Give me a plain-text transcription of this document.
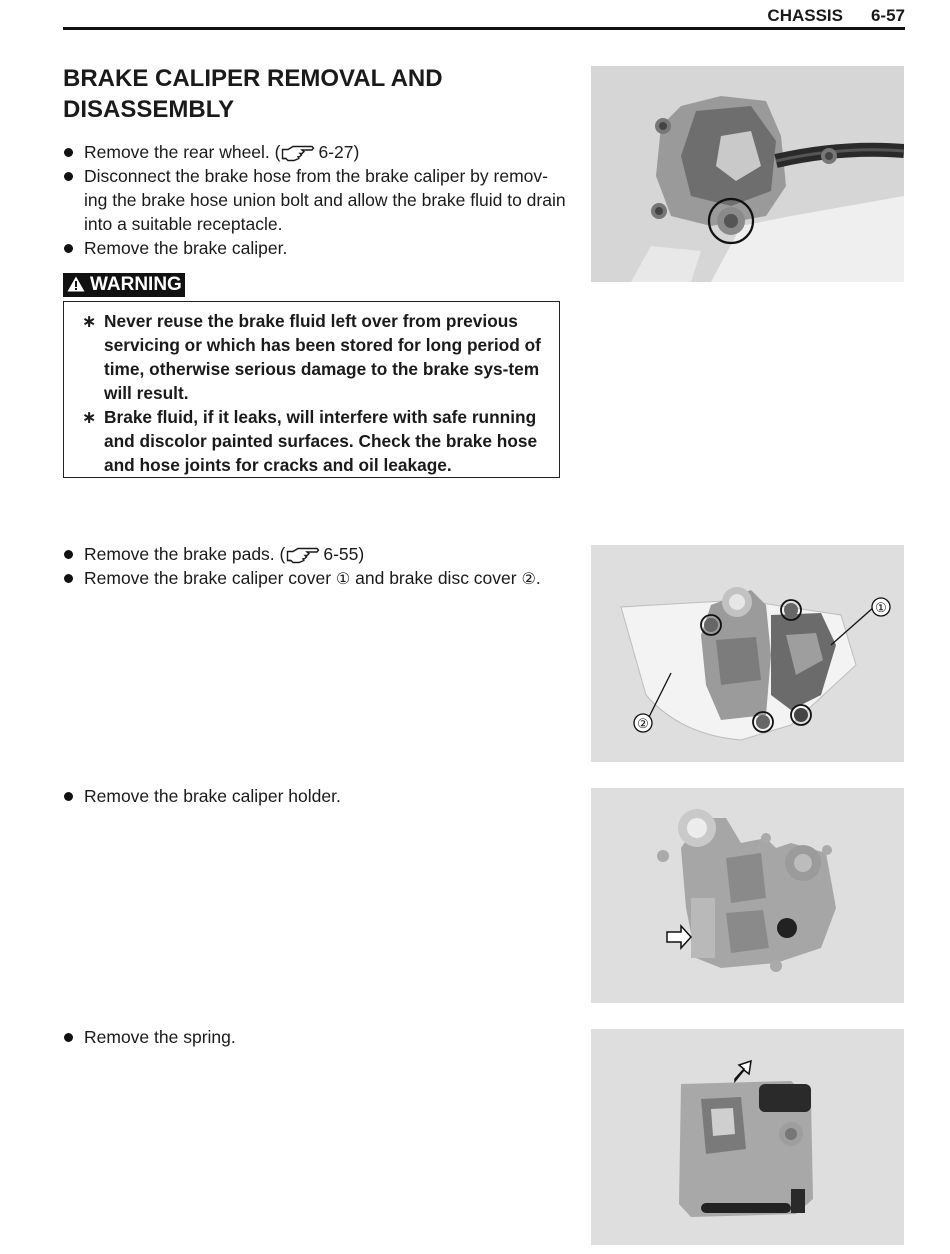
CHASSIS 6-57
BRAKE CALIPER REMOVAL AND DISASSEMBLY
Remove the rear wheel. ( 6-27)
Disconnect the brake hose from the brake caliper by remov-ing the brake hose union bolt and allow the brake fluid to drain into a suitable receptacle.
Remove the brake caliper.
WARNING
∗ Never reuse the brake fluid left over from previous servicing or which has been stored for long period of time, otherwise serious damage to the brake sys-tem will result.
∗ Brake fluid, if it leaks, will interfere with safe running and discolor painted surfaces. Check the brake hose and hose joints for cracks and oil leakage.
Remove the brake pads. ( 6-55)
Remove the brake caliper cover ① and brake disc cover ②.
Remove the brake caliper holder.
Remove the spring.
①
②
